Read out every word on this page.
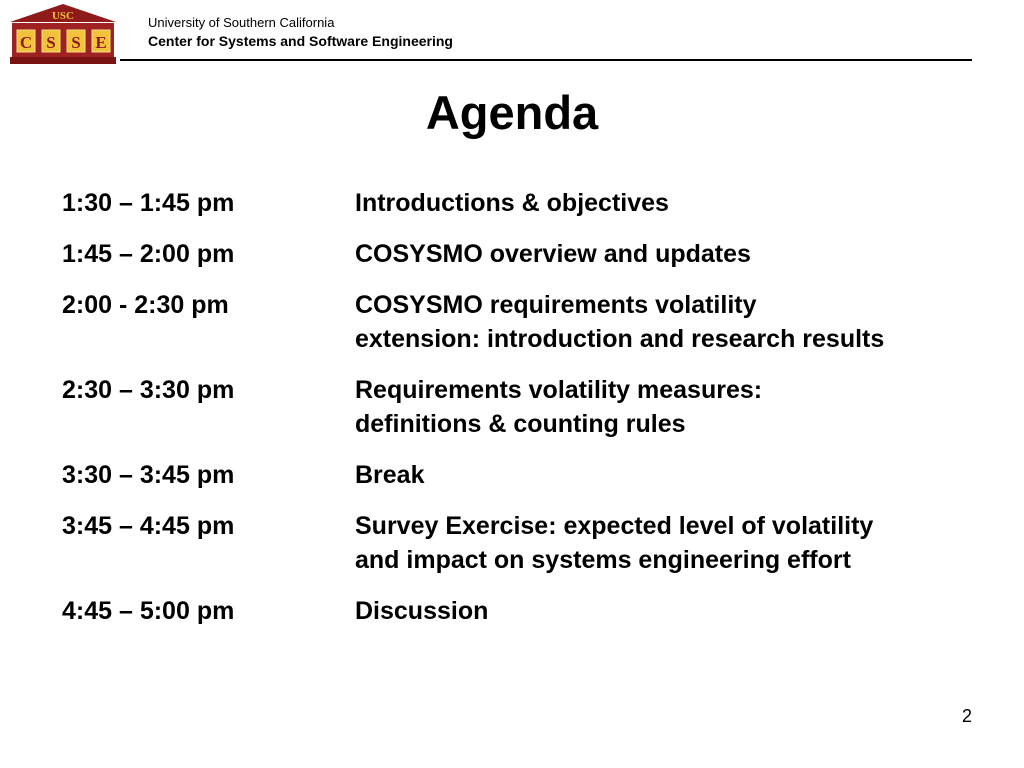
USC
C S S E
University of Southern California
Center for Systems and Software Engineering
Agenda
1:30 – 1:45 pm	Introductions & objectives
1:45 – 2:00 pm	COSYSMO overview and updates
2:00 - 2:30 pm	COSYSMO requirements volatility
extension: introduction and research results
2:30 – 3:30 pm	Requirements volatility measures:
definitions & counting rules
3:30 – 3:45 pm	Break
3:45 – 4:45 pm	Survey Exercise: expected level of volatility
and impact on systems engineering effort
4:45 – 5:00 pm	Discussion
2
